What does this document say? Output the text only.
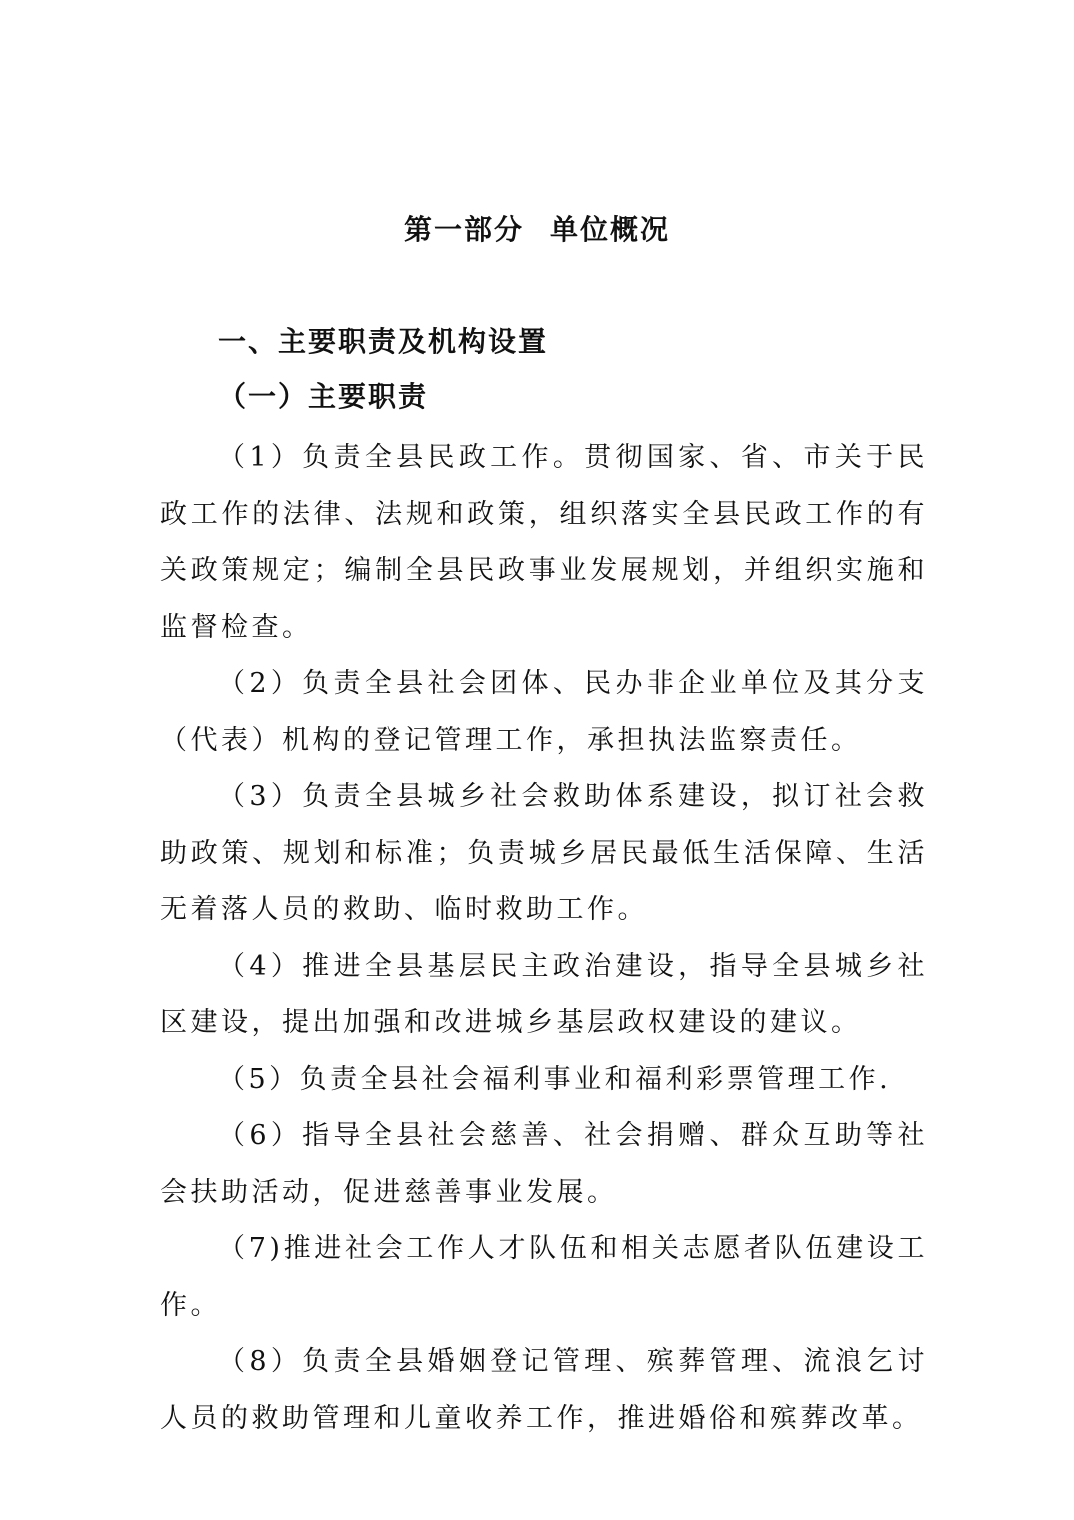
第一部分 单位概况
一、主要职责及机构设置
（一）主要职责

（1）负责全县民政工作。贯彻国家、省、市关于民政工作的法律、法规和政策，组织落实全县民政工作的有关政策规定；编制全县民政事业发展规划，并组织实施和监督检查。

（2）负责全县社会团体、民办非企业单位及其分支（代表）机构的登记管理工作，承担执法监察责任。

（3）负责全县城乡社会救助体系建设，拟订社会救助政策、规划和标准；负责城乡居民最低生活保障、生活无着落人员的救助、临时救助工作。

（4）推进全县基层民主政治建设，指导全县城乡社区建设，提出加强和改进城乡基层政权建设的建议。

（5）负责全县社会福利事业和福利彩票管理工作.

（6）指导全县社会慈善、社会捐赠、群众互助等社会扶助活动，促进慈善事业发展。

（7)推进社会工作人才队伍和相关志愿者队伍建设工作。

（8）负责全县婚姻登记管理、殡葬管理、流浪乞讨人员的救助管理和儿童收养工作，推进婚俗和殡葬改革。
